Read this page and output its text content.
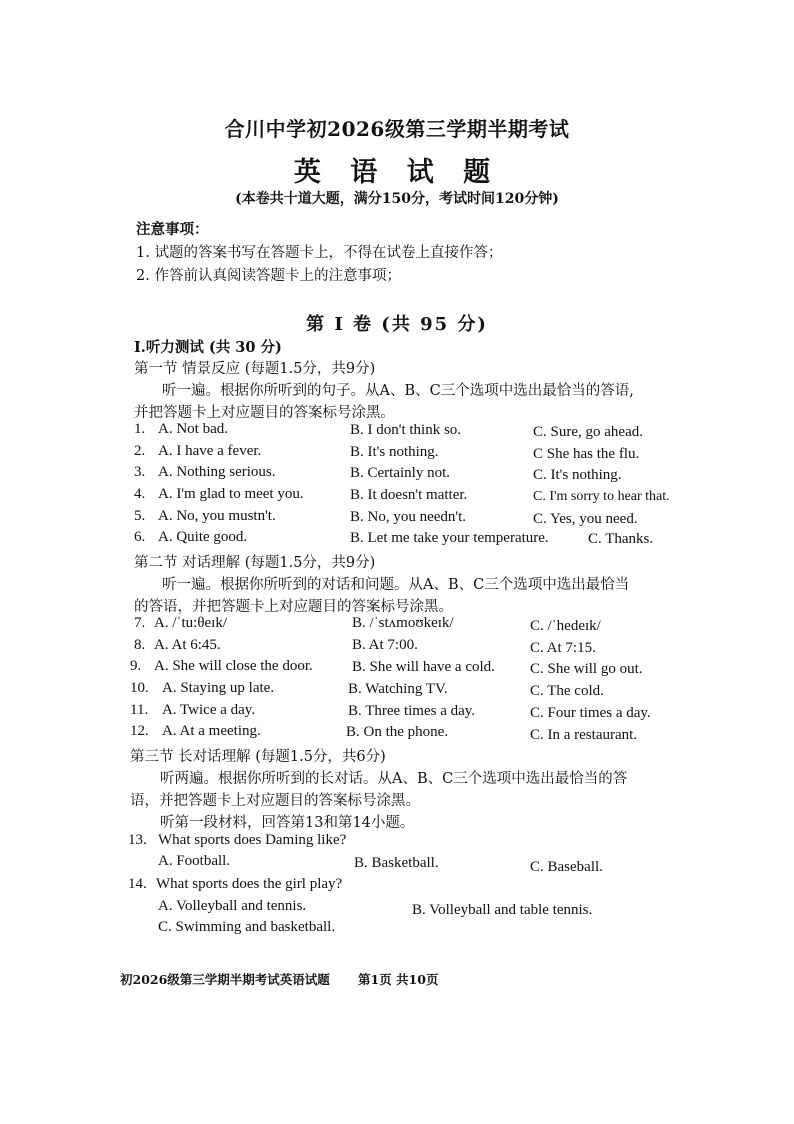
合川中学初2026级第三学期半期考试
英 语 试 题
(本卷共十道大题，满分150分，考试时间120分钟)
注意事项：
1. 试题的答案书写在答题卡上，不得在试卷上直接作答；
2. 作答前认真阅读答题卡上的注意事项；
第 I 卷 (共 95 分)
Ⅰ.听力测试 (共 30 分)
第一节 情景反应 (每题1.5分，共9分)
听一遍。根据你所听到的句子。从A、B、C三个选项中选出最恰当的答语,
并把答题卡上对应题目的答案标号涂黑。
1. A. Not bad.	B. I don't think so.	C. Sure, go ahead.
2. A. I have a fever.	B. It's nothing.	C She has the flu.
3. A. Nothing serious.	B. Certainly not.	C. It's nothing.
4. A. I'm glad to meet you.	B. It doesn't matter.	C. I'm sorry to hear that.
5. A. No, you mustn't.	B. No, you needn't.	C. Yes, you need.
6. A. Quite good.	B. Let me take your temperature.	C. Thanks.
第二节 对话理解 (每题1.5分，共9分)
听一遍。根据你所听到的对话和问题。从A、B、C三个选项中选出最恰当
的答语，并把答题卡上对应题目的答案标号涂黑。
7. A. /ˈtu:θeɪk/	B. /ˈstʌmoʊkeɪk/	C. /ˈhedeɪk/
8. A. At 6:45.	B. At 7:00.	C. At 7:15.
9. A. She will close the door.	B. She will have a cold. C. She will go out.
10. A. Staying up late.	B. Watching TV.	C. The cold.
11. A. Twice a day.	B. Three times a day.	C. Four times a day.
12. A. At a meeting.	B. On the phone.	C. In a restaurant.
第三节 长对话理解 (每题1.5分，共6分)
听两遍。根据你所听到的长对话。从A、B、C三个选项中选出最恰当的答
语，并把答题卡上对应题目的答案标号涂黑。
听第一段材料，回答第13和第14小题。
13. What sports does Daming like?
A. Football.	B. Basketball.	C. Baseball.
14. What sports does the girl play?
A. Volleyball and tennis.	B. Volleyball and table tennis.
C. Swimming and basketball.
初2026级第三学期半期考试英语试题 第1页 共10页
